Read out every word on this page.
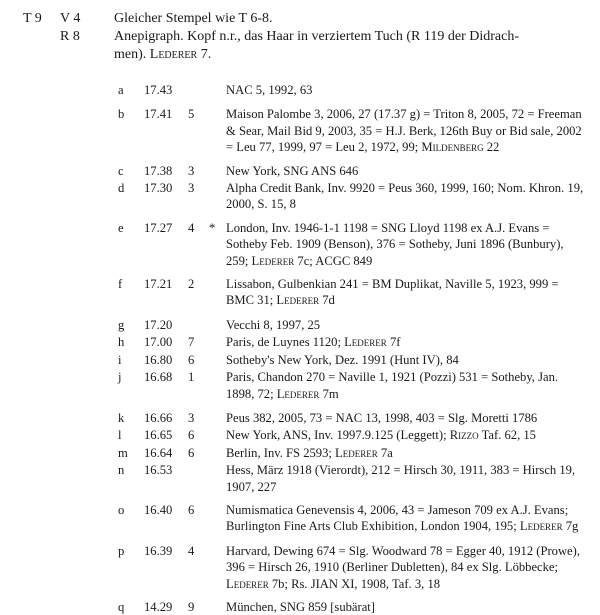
T 9	V 4	Gleicher Stempel wie T 6-8.
R 8	Anepigraph. Kopf n.r., das Haar in verziertem Tuch (R 119 der Didrach-
men). Lederer 7.
a	17.43	NAC 5, 1992, 63
b	17.41	5	Maison Palombe 3, 2006, 27 (17.37 g) = Triton 8, 2005, 72 = Freeman & Sear, Mail Bid 9, 2003, 35 = H.J. Berk, 126th Buy or Bid sale, 2002 = Leu 77, 1999, 97 = Leu 2, 1972, 99; Mildenberg 22
c	17.38	3	New York, SNG ANS 646
d	17.30	3	Alpha Credit Bank, Inv. 9920 = Peus 360, 1999, 160; Nom. Khron. 19, 2000, S. 15, 8
e	17.27	4	* London, Inv. 1946-1-1 1198 = SNG Lloyd 1198 ex A.J. Evans = Sotheby Feb. 1909 (Benson), 376 = Sotheby, Juni 1896 (Bunbury), 259; Lederer 7c; ACGC 849
f	17.21	2	Lissabon, Gulbenkian 241 = BM Duplikat, Naville 5, 1923, 999 = BMC 31; Lederer 7d
g	17.20	Vecchi 8, 1997, 25
h	17.00	7	Paris, de Luynes 1120; Lederer 7f
i	16.80	6	Sotheby's New York, Dez. 1991 (Hunt IV), 84
j	16.68	1	Paris, Chandon 270 = Naville 1, 1921 (Pozzi) 531 = Sotheby, Jan. 1898, 72; Lederer 7m
k	16.66	3	Peus 382, 2005, 73 = NAC 13, 1998, 403 = Slg. Moretti 1786
l	16.65	6	New York, ANS, Inv. 1997.9.125 (Leggett); Rizzo Taf. 62, 15
m	16.64	6	Berlin, Inv. FS 2593; Lederer 7a
n	16.53	Hess, März 1918 (Vierordt), 212 = Hirsch 30, 1911, 383 = Hirsch 19, 1907, 227
o	16.40	6	Numismatica Genevensis 4, 2006, 43 = Jameson 709 ex A.J. Evans; Burlington Fine Arts Club Exhibition, London 1904, 195; Lederer 7g
p	16.39	4	Harvard, Dewing 674 = Slg. Woodward 78 = Egger 40, 1912 (Prowe), 396 = Hirsch 26, 1910 (Berliner Dubletten), 84 ex Slg. Löbbecke; Lederer 7b; Rs. JIAN XI, 1908, Taf. 3, 18
q	14.29	9	München, SNG 859 [subärat]
